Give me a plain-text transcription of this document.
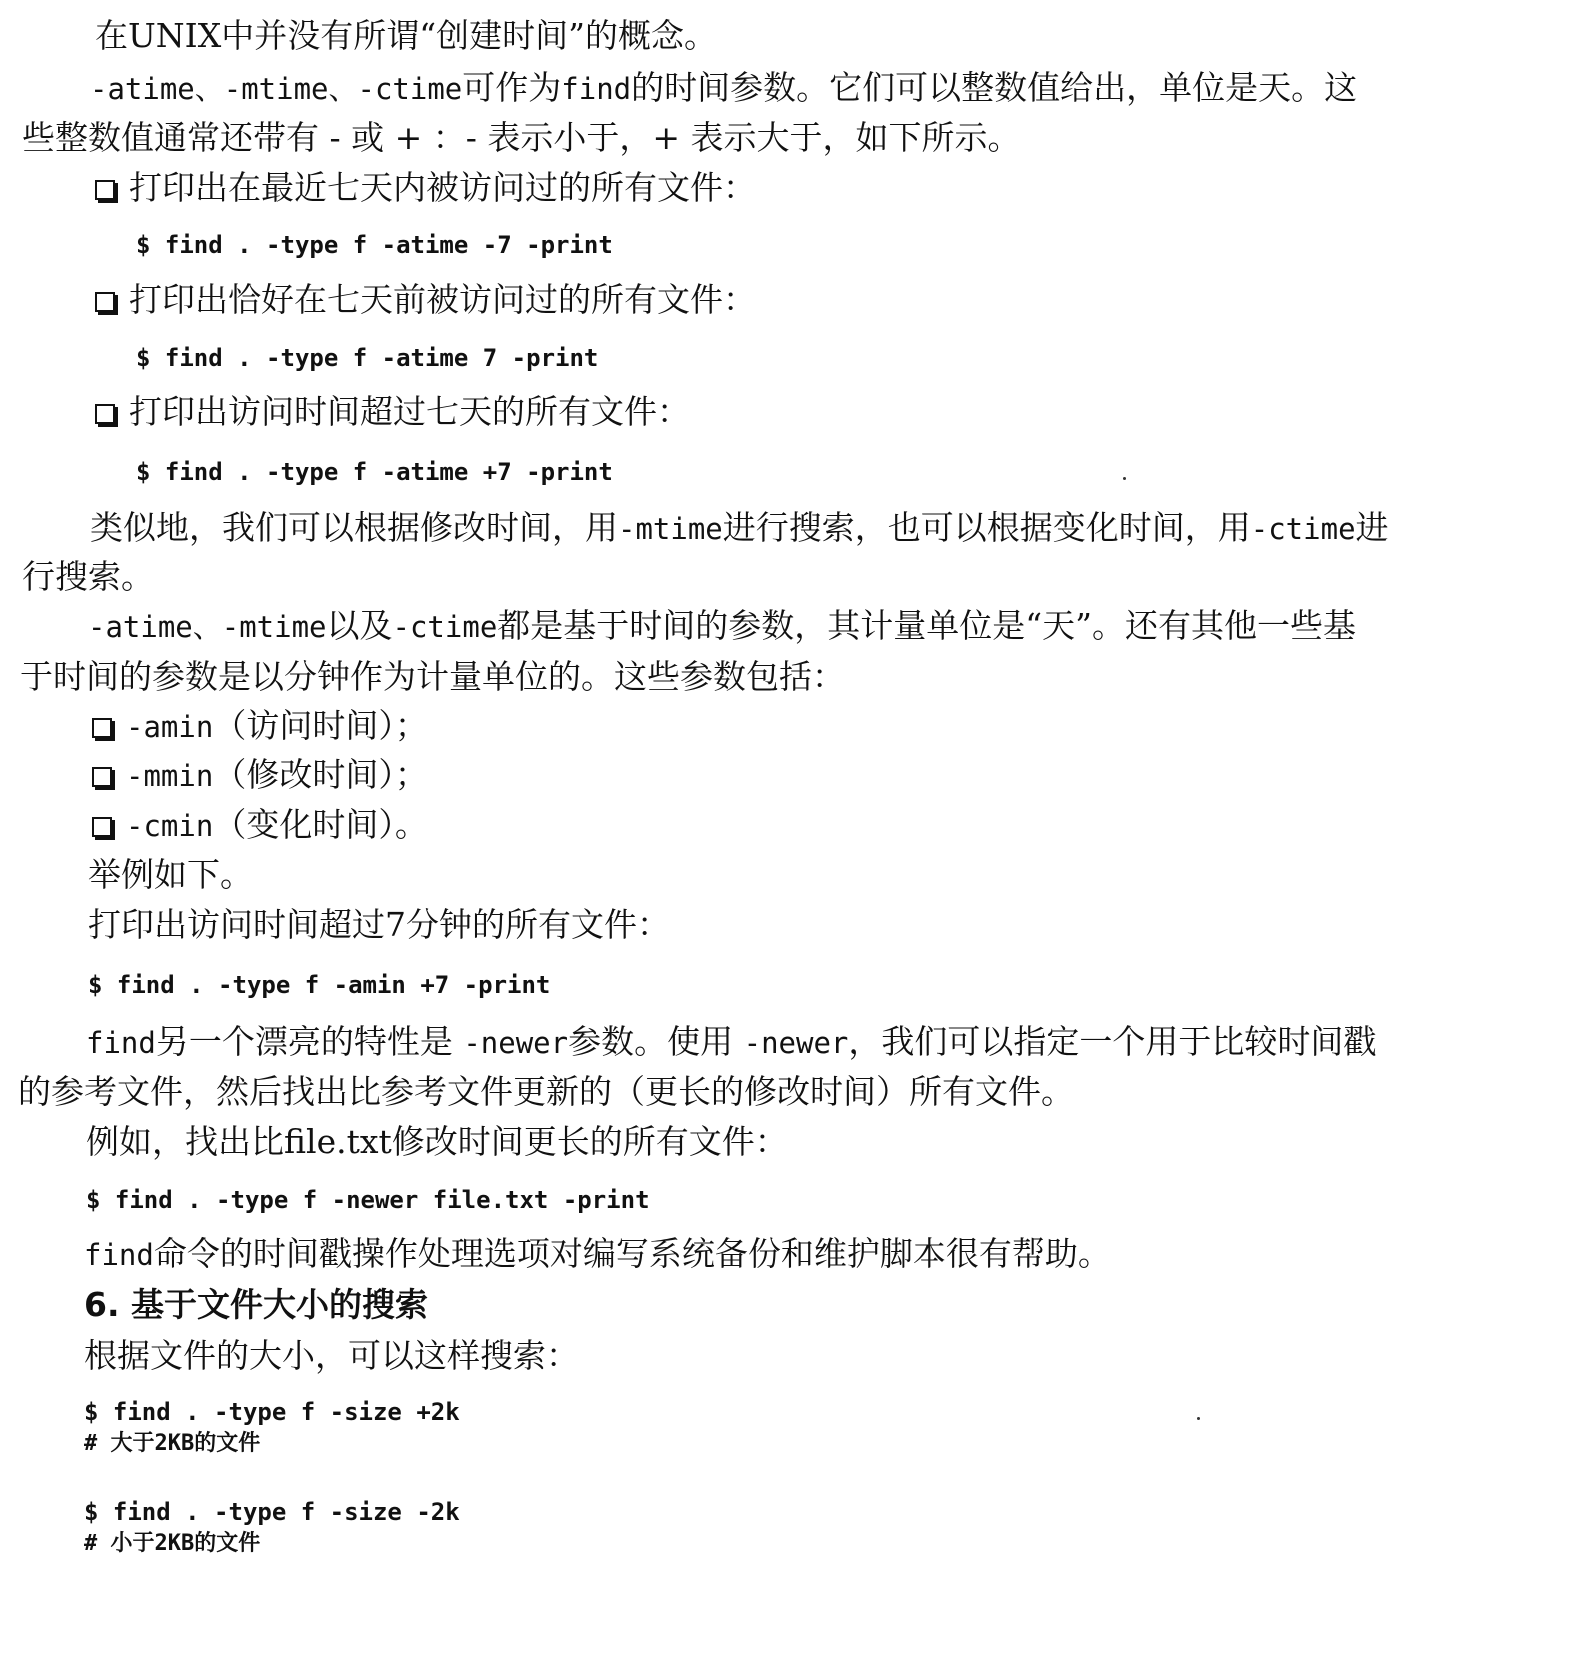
在UNIX中并没有所谓“创建时间”的概念。
-atime、-mtime、-ctime可作为find的时间参数。它们可以整数值给出，单位是天。这
些整数值通常还带有 - 或 + ：- 表示小于，+ 表示大于，如下所示。
打印出在最近七天内被访问过的所有文件：
$ find . -type f -atime -7 -print
打印出恰好在七天前被访问过的所有文件：
$ find . -type f -atime 7 -print
打印出访问时间超过七天的所有文件：
$ find . -type f -atime +7 -print
类似地，我们可以根据修改时间，用-mtime进行搜索，也可以根据变化时间，用-ctime进
行搜索。
-atime、-mtime以及-ctime都是基于时间的参数，其计量单位是“天”。还有其他一些基
于时间的参数是以分钟作为计量单位的。这些参数包括：
-amin（访问时间）；
-mmin（修改时间）；
-cmin（变化时间）。
举例如下。
打印出访问时间超过7分钟的所有文件：
$ find . -type f -amin +7 -print
find另一个漂亮的特性是 -newer参数。使用 -newer，我们可以指定一个用于比较时间戳
的参考文件，然后找出比参考文件更新的（更长的修改时间）所有文件。
例如，找出比file.txt修改时间更长的所有文件：
$ find . -type f -newer file.txt -print
find命令的时间戳操作处理选项对编写系统备份和维护脚本很有帮助。
6. 基于文件大小的搜索
根据文件的大小，可以这样搜索：
$ find . -type f -size +2k
# 大于2KB的文件
$ find . -type f -size -2k
# 小于2KB的文件
